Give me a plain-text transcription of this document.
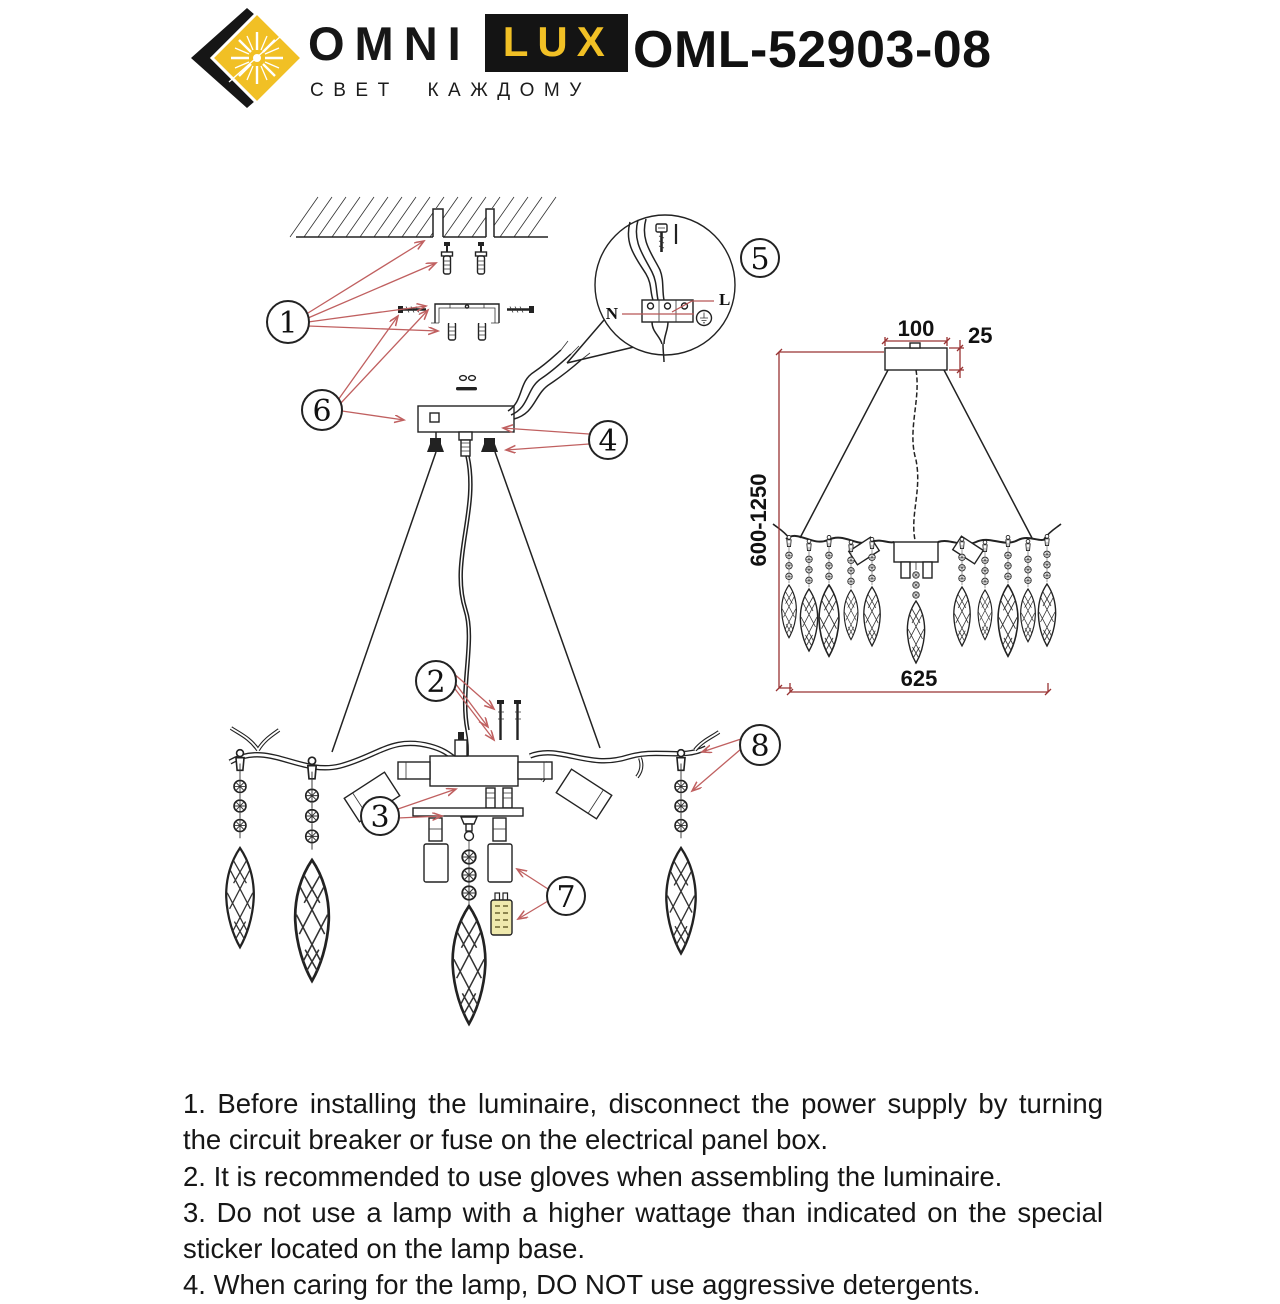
OMNI LUX
СВЕТ КАЖДОМУ
OML-52903-08
N
L
1
6
5
4
2
3
7
8
100 25
600-1250
625

1. Before installing the luminaire, disconnect the power supply by turning the circuit breaker or fuse on the electrical panel box.

2. It is recommended to use gloves when assembling the luminaire.

3. Do not use a lamp with a higher wattage than indicated on the special sticker located on the lamp base.

4. When caring for the lamp, DO NOT use aggressive detergents.
